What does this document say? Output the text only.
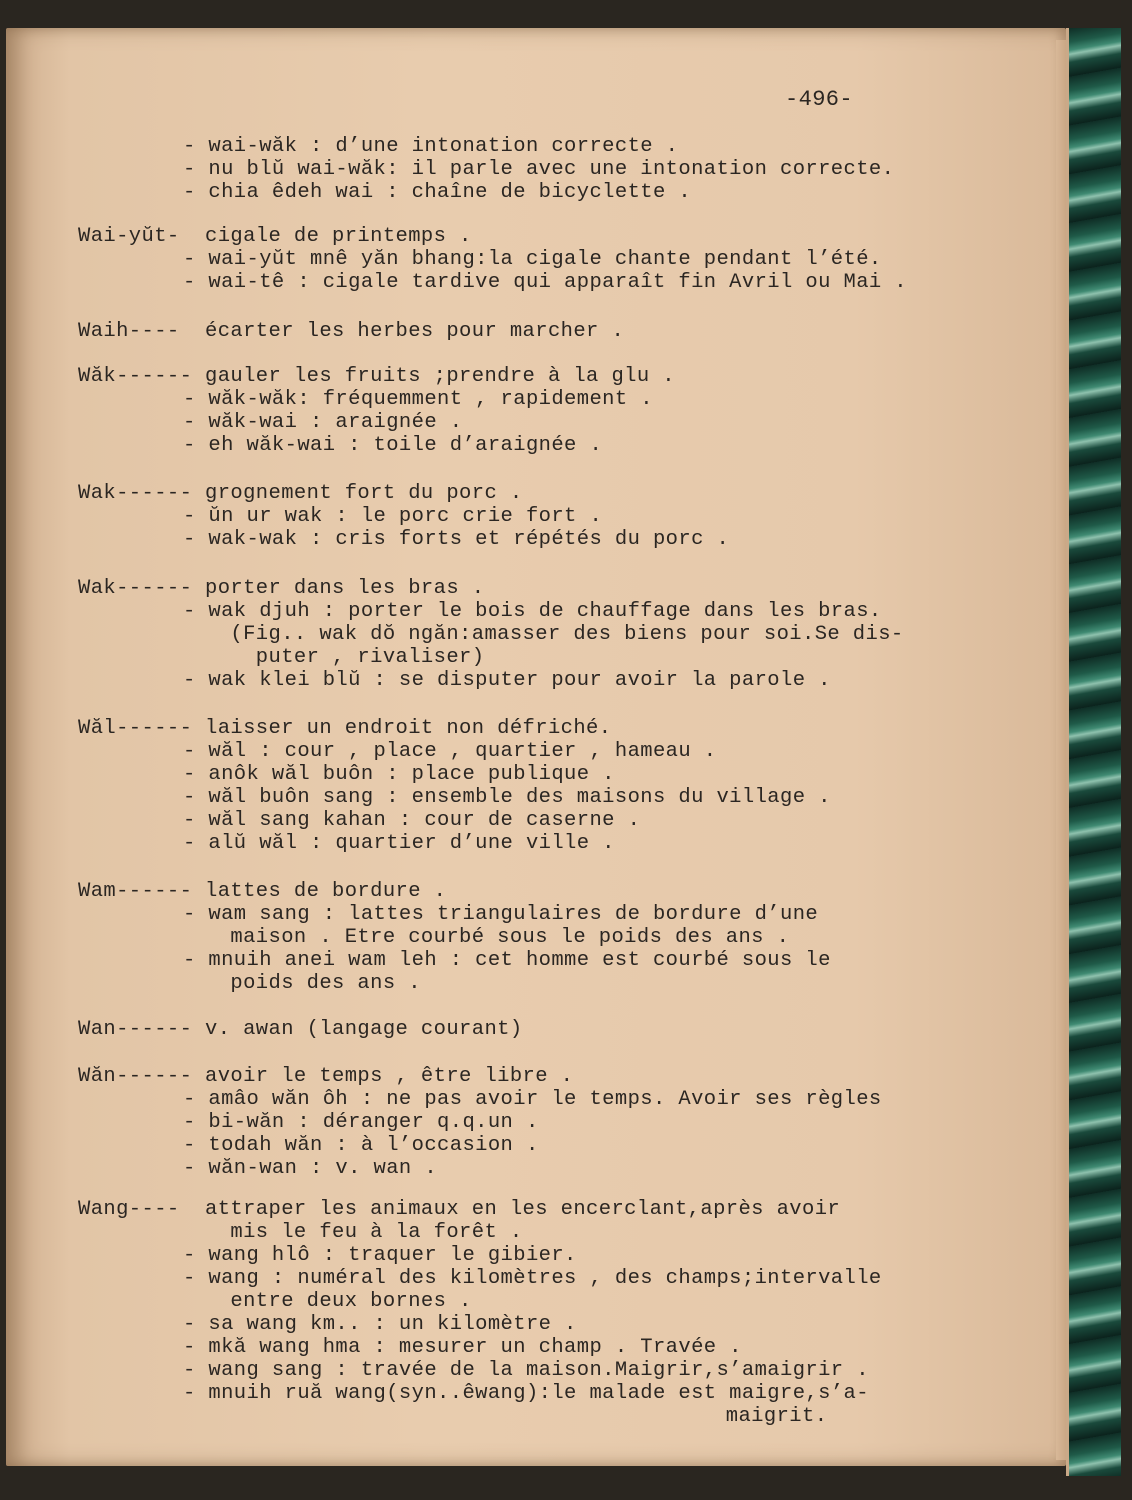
-496-
- wai-wăk : d’une intonation correcte .
- nu blŭ wai-wăk: il parle avec une intonation correcte.
- chia êdeh wai : chaîne de bicyclette .
Wai-yŭt- cigale de printemps .
- wai-yŭt mnê yăn bhang:la cigale chante pendant l’été.
- wai-tê : cigale tardive qui apparaît fin Avril ou Mai .
Waih---- écarter les herbes pour marcher .
Wăk------ gauler les fruits ;prendre à la glu .
- wăk-wăk: fréquemment , rapidement .
- wăk-wai : araignée .
- eh wăk-wai : toile d’araignée .
Wak------ grognement fort du porc .
- ŭn ur wak : le porc crie fort .
- wak-wak : cris forts et répétés du porc .
Wak------ porter dans les bras .
- wak djuh : porter le bois de chauffage dans les bras.
(Fig.. wak dŏ ngăn:amasser des biens pour soi.Se dis-
puter , rivaliser)
- wak klei blŭ : se disputer pour avoir la parole .
Wăl------ laisser un endroit non défriché.
- wăl : cour , place , quartier , hameau .
- anôk wăl buôn : place publique .
- wăl buôn sang : ensemble des maisons du village .
- wăl sang kahan : cour de caserne .
- alŭ wăl : quartier d’une ville .
Wam------ lattes de bordure .
- wam sang : lattes triangulaires de bordure d’une
maison . Etre courbé sous le poids des ans .
- mnuih anei wam leh : cet homme est courbé sous le
poids des ans .
Wan------ v. awan (langage courant)
Wăn------ avoir le temps , être libre .
- amâo wăn ôh : ne pas avoir le temps. Avoir ses règles
- bi-wăn : déranger q.q.un .
- todah wăn : à l’occasion .
- wăn-wan : v. wan .
Wang---- attraper les animaux en les encerclant,après avoir
mis le feu à la forêt .
- wang hlô : traquer le gibier.
- wang : numéral des kilomètres , des champs;intervalle
entre deux bornes .
- sa wang km.. : un kilomètre .
- mkă wang hma : mesurer un champ . Travée .
- wang sang : travée de la maison.Maigrir,s’amaigrir .
- mnuih ruă wang(syn..êwang):le malade est maigre,s’a-
maigrit.
